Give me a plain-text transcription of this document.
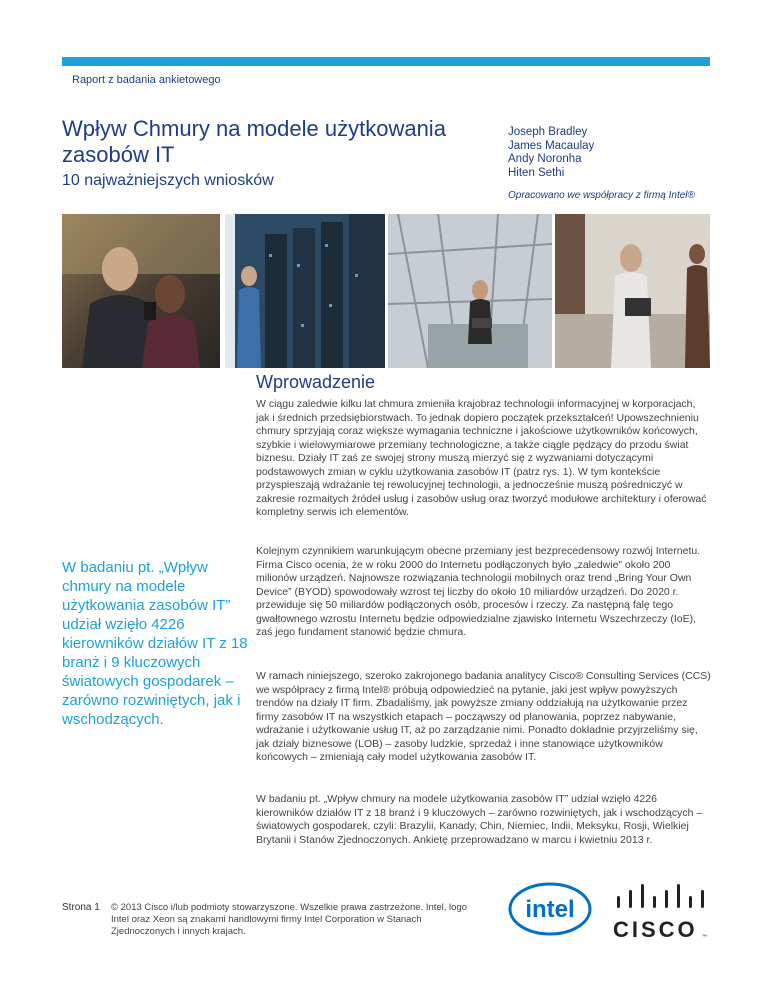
Raport z badania ankietowego
Wpływ Chmury na modele użytkowania zasobów IT
10 najważniejszych wniosków
Joseph Bradley
James Macaulay
Andy Noronha
Hiten Sethi
Opracowano we współpracy z firmą Intel®
Wprowadzenie

W ciągu zaledwie kilku lat chmura zmieniła krajobraz technologii informacyjnej w korporacjach, jak i średnich przedsiębiorstwach. To jednak dopiero początek przekształceń! Upowszechnieniu chmury sprzyjają coraz większe wymagania techniczne i jakościowe użytkowników końcowych, szybkie i wielowymiarowe przemiany technologiczne, a także ciągle pędzący do przodu świat biznesu. Działy IT zaś ze swojej strony muszą mierzyć się z wyzwaniami dotyczącymi podstawowych zmian w cyklu użytkowania zasobów IT (patrz rys. 1). W tym kontekście przyspieszają wdrażanie tej rewolucyjnej technologii, a jednocześnie muszą pośredniczyć w zakresie rozmaitych źródeł usług i zasobów usług oraz tworzyć modułowe architektury i oferować kompletny serwis ich elementów.

Kolejnym czynnikiem warunkującym obecne przemiany jest bezprecedensowy rozwój Internetu. Firma Cisco ocenia, że w roku 2000 do Internetu podłączonych było „zaledwie” około 200 milionów urządzeń. Najnowsze rozwiązania technologii mobilnych oraz trend „Bring Your Own Device” (BYOD) spowodowały wzrost tej liczby do około 10 miliardów urządzeń. Do 2020 r. przewiduje się 50 miliardów podłączonych osób, procesów i rzeczy. Za następną falę tego gwałtownego wzrostu Internetu będzie odpowiedzialne zjawisko Internetu Wszechrzeczy (IoE), zaś jego fundament stanowić będzie chmura.

W ramach niniejszego, szeroko zakrojonego badania analitycy Cisco® Consulting Services (CCS) we współpracy z firmą Intel® próbują odpowiedzieć na pytanie, jaki jest wpływ powyższych trendów na działy IT firm. Zbadaliśmy, jak powyższe zmiany oddziałują na użytkowanie przez firmy zasobów IT na wszystkich etapach – począwszy od planowania, poprzez nabywanie, wdrażanie i użytkowanie usług IT, aż po zarządzanie nimi. Ponadto dokładnie przyjrzeliśmy się, jak działy biznesowe (LOB) – zasoby ludzkie, sprzedaż i inne stanowiące użytkowników końcowych – zmieniają cały model użytkowania zasobów IT.

W badaniu pt. „Wpływ chmury na modele użytkowania zasobów IT” udział wzięło 4226 kierowników działów IT z 18 branż i 9 kluczowych – zarówno rozwiniętych, jak i wschodzących – światowych gospodarek, czyli: Brazylii, Kanady, Chin, Niemiec, Indii, Meksyku, Rosji, Wielkiej Brytanii i Stanów Zjednoczonych. Ankietę przeprowadzano w marcu i kwietniu 2013 r.

W badaniu pt. „Wpływ chmury na modele użytkowania zasobów IT” udział wzięło 4226 kierowników działów IT z 18 branż i 9 kluczowych światowych gospodarek – zarówno rozwiniętych, jak i wschodzących.
Strona 1 © 2013 Cisco i/lub podmioty stowarzyszone. Wszelkie prawa zastrzeżone. Intel, logo Intel oraz Xeon są znakami handlowymi firmy Intel Corporation w Stanach Zjednoczonych i innych krajach.
intel
CISCO ™
